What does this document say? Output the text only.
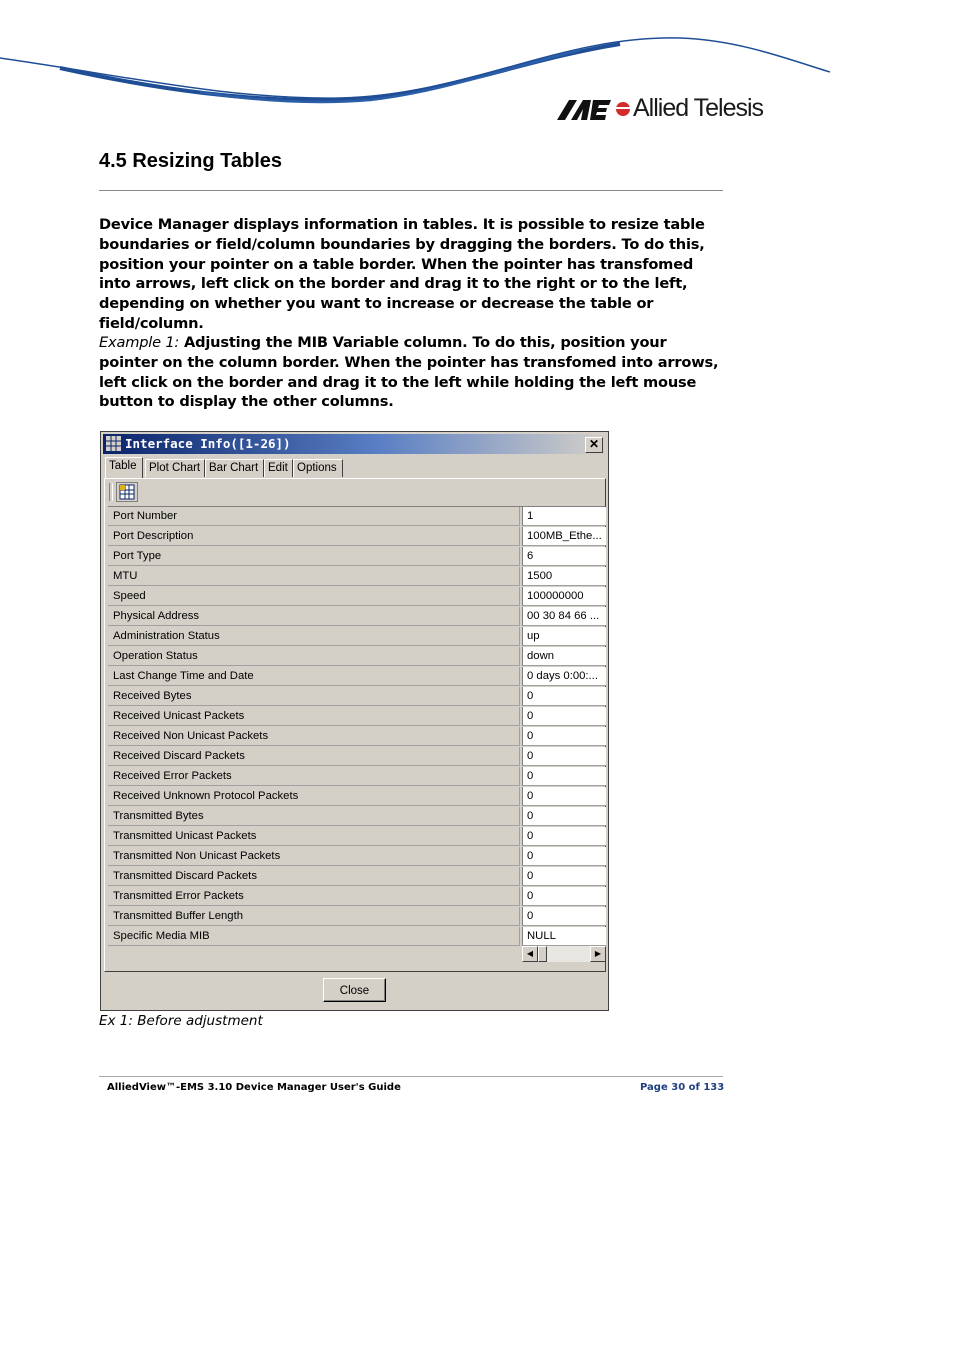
Allied Telesis
4.5 Resizing Tables

Device Manager displays information in tables. It is possible to resize table boundaries or field/column boundaries by dragging the borders. To do this, position your pointer on a table border. When the pointer has transfomed into arrows, left click on the border and drag it to the right or to the left, depending on whether you want to increase or decrease the table or field/column.

Example 1: Adjusting the MIB Variable column. To do this, position your pointer on the column border. When the pointer has transfomed into arrows, left click on the border and drag it to the left while holding the left mouse button to display the other columns.

Interface Info([1-26])	✕
Table	Plot Chart Bar Chart Edit Options
Port Number	1
Port Description	100MB_Ethe...
Port Type	6
MTU	1500
Speed	100000000
Physical Address	00 30 84 66 ...
Administration Status	up
Operation Status	down
Last Change Time and Date	0 days 0:00:...
Received Bytes	0
Received Unicast Packets	0
Received Non Unicast Packets	0
Received Discard Packets	0
Received Error Packets	0
Received Unknown Protocol Packets	0
Transmitted Bytes	0
Transmitted Unicast Packets	0
Transmitted Non Unicast Packets	0
Transmitted Discard Packets	0
Transmitted Error Packets	0
Transmitted Buffer Length	0
Specific Media MIB	NULL
◀	▶
Close

Ex 1: Before adjustment

AlliedView™-EMS 3.10 Device Manager User's Guide	Page 30 of 133
